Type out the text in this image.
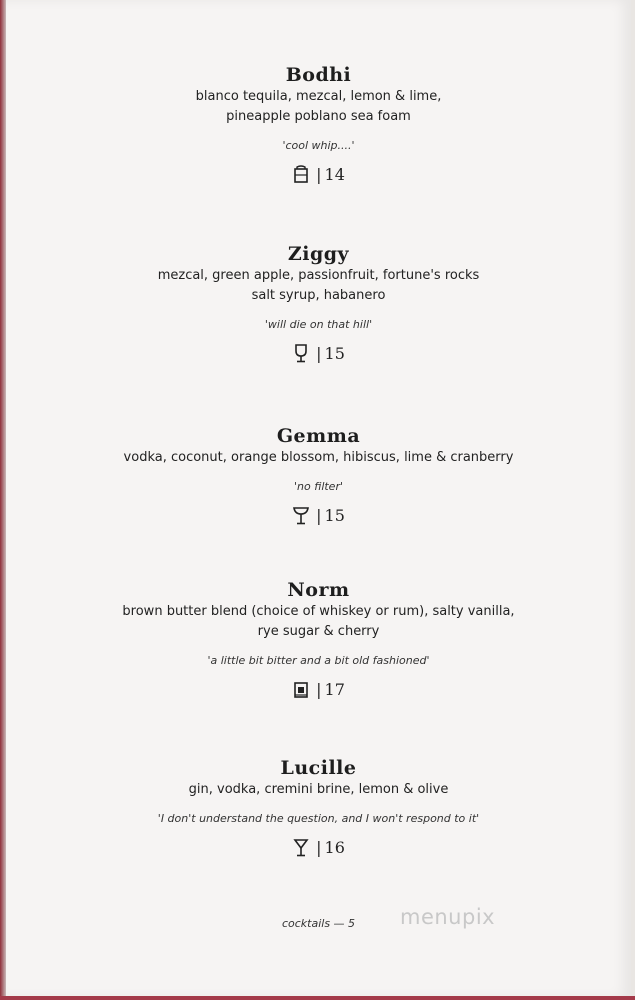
Bodhi
blanco tequila, mezcal, lemon & lime,
pineapple poblano sea foam
'cool whip....'
| 14
Ziggy
mezcal, green apple, passionfruit, fortune's rocks
salt syrup, habanero
'will die on that hill'
| 15
Gemma
vodka, coconut, orange blossom, hibiscus, lime & cranberry
'no filter'
| 15
Norm
brown butter blend (choice of whiskey or rum), salty vanilla,
rye sugar & cherry
'a little bit bitter and a bit old fashioned'
| 17
Lucille
gin, vodka, cremini brine, lemon & olive
'I don't understand the question, and I won't respond to it'
| 16
cocktails — 5	menupix
